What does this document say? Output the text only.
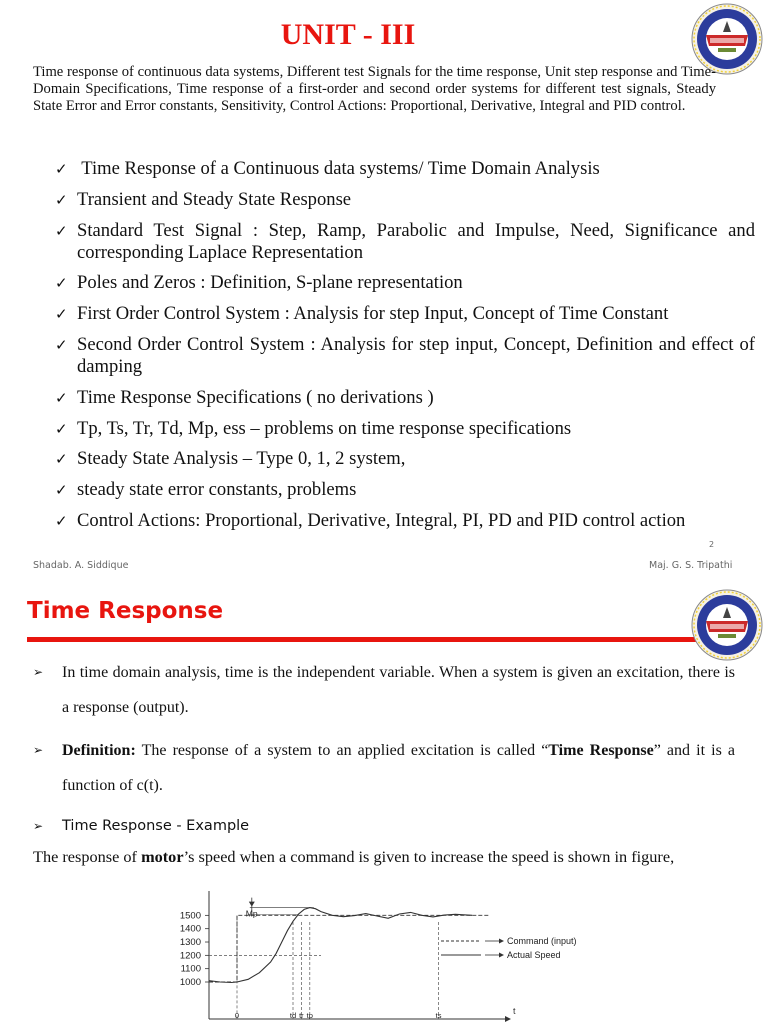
UNIT - III

Time response of continuous data systems, Different test Signals for the time response, Unit step response and Time-Domain Specifications, Time response of a first-order and second order systems for different test signals, Steady State Error and Error constants, Sensitivity, Control Actions: Proportional, Derivative, Integral and PID control.

✓ Time Response of a Continuous data systems/ Time Domain Analysis
✓ Transient and Steady State Response
✓ Standard Test Signal : Step, Ramp, Parabolic and Impulse, Need, Significance and corresponding Laplace Representation
✓ Poles and Zeros : Definition, S-plane representation
✓ First Order Control System : Analysis for step Input, Concept of Time Constant
✓ Second Order Control System : Analysis for step input, Concept, Definition and effect of damping
✓ Time Response Specifications ( no derivations )
✓ Tp, Ts, Tr, Td, Mp, ess – problems on time response specifications
✓ Steady State Analysis – Type 0, 1, 2 system,
✓ steady state error constants, problems
✓ Control Actions: Proportional, Derivative, Integral, PI, PD and PID control action
Shadab. A. Siddique	Maj. G. S. Tripathi
2
Time Response
➢	In time domain analysis, time is the independent variable. When a system is given an excitation, there is a response (output).
➢	Definition: The response of a system to an applied excitation is called “Time Response” and it is a function of c(t).
➢	Time Response - Example

The response of motor’s speed when a command is given to increase the speed is shown in figure,

t
1500
1400
1300
1200
1100
1000
Mp
0	td tr tp	ts
Command (input)
Actual Speed
